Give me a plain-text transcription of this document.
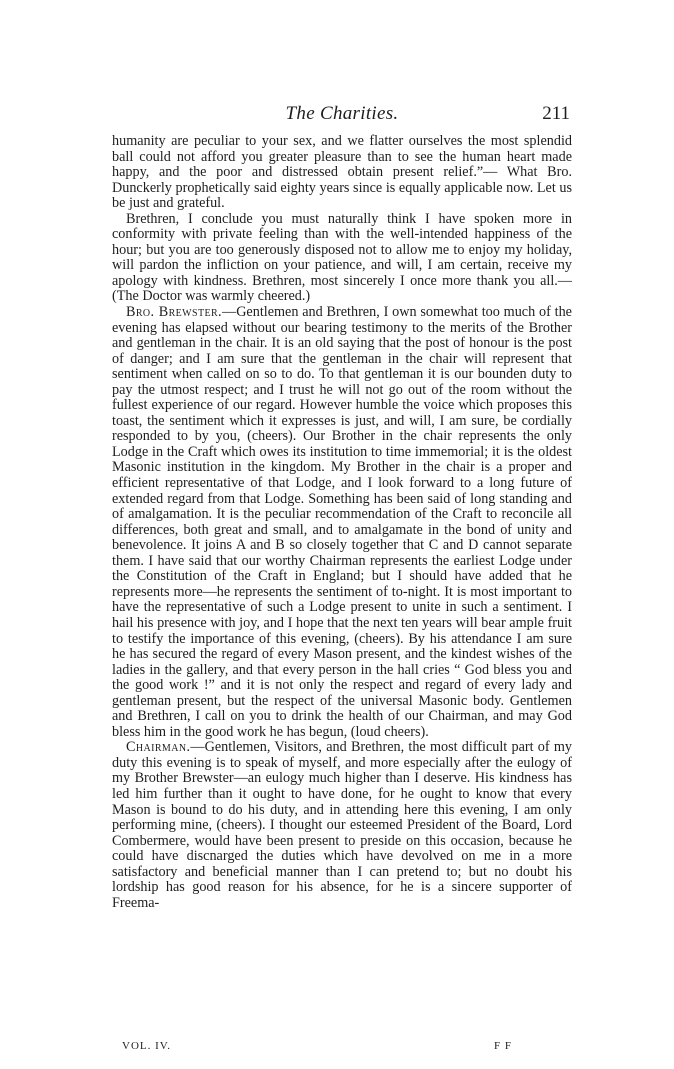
The Charities.	211

humanity are peculiar to your sex, and we flatter ourselves the most splendid ball could not afford you greater pleasure than to see the human heart made happy, and the poor and distressed obtain present relief.”— What Bro. Dunckerly prophetically said eighty years since is equally applicable now. Let us be just and grateful.

Brethren, I conclude you must naturally think I have spoken more in conformity with private feeling than with the well-intended happiness of the hour; but you are too generously disposed not to allow me to enjoy my holiday, will pardon the infliction on your patience, and will, I am certain, receive my apology with kindness. Brethren, most sincerely I once more thank you all.—(The Doctor was warmly cheered.)

Bro. Brewster.—Gentlemen and Brethren, I own somewhat too much of the evening has elapsed without our bearing testimony to the merits of the Brother and gentleman in the chair. It is an old saying that the post of honour is the post of danger; and I am sure that the gentleman in the chair will represent that sentiment when called on so to do. To that gentleman it is our bounden duty to pay the utmost respect; and I trust he will not go out of the room without the fullest experience of our regard. However humble the voice which proposes this toast, the sentiment which it expresses is just, and will, I am sure, be cordially responded to by you, (cheers). Our Brother in the chair represents the only Lodge in the Craft which owes its institution to time immemorial; it is the oldest Masonic institution in the kingdom. My Brother in the chair is a proper and efficient representative of that Lodge, and I look forward to a long future of extended regard from that Lodge. Something has been said of long standing and of amalgamation. It is the peculiar recommendation of the Craft to reconcile all differences, both great and small, and to amalgamate in the bond of unity and benevolence. It joins A and B so closely together that C and D cannot separate them. I have said that our worthy Chairman represents the earliest Lodge under the Constitution of the Craft in England; but I should have added that he represents more—he represents the sentiment of to-night. It is most important to have the representative of such a Lodge present to unite in such a sentiment. I hail his presence with joy, and I hope that the next ten years will bear ample fruit to testify the importance of this evening, (cheers). By his attendance I am sure he has secured the regard of every Mason present, and the kindest wishes of the ladies in the gallery, and that every person in the hall cries “ God bless you and the good work !” and it is not only the respect and regard of every lady and gentleman present, but the respect of the universal Masonic body. Gentlemen and Brethren, I call on you to drink the health of our Chairman, and may God bless him in the good work he has begun, (loud cheers).

Chairman.—Gentlemen, Visitors, and Brethren, the most difficult part of my duty this evening is to speak of myself, and more especially after the eulogy of my Brother Brewster—an eulogy much higher than I deserve. His kindness has led him further than it ought to have done, for he ought to know that every Mason is bound to do his duty, and in attending here this evening, I am only performing mine, (cheers). I thought our esteemed President of the Board, Lord Combermere, would have been present to preside on this occasion, because he could have discnarged the duties which have devolved on me in a more satisfactory and beneficial manner than I can pretend to; but no doubt his lordship has good reason for his absence, for he is a sincere supporter of Freema-

VOL. IV.	F F
